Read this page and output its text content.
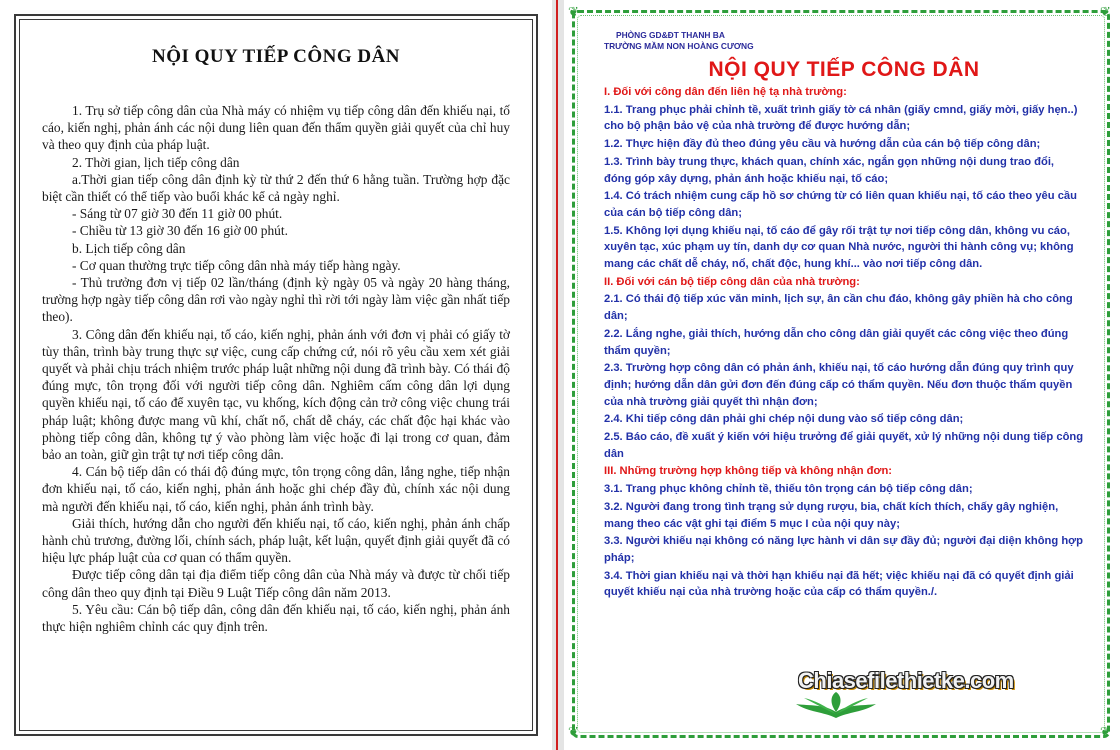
NỘI QUY TIẾP CÔNG DÂN

1. Trụ sở tiếp công dân của Nhà máy có nhiệm vụ tiếp công dân đến khiếu nại, tố cáo, kiến nghị, phản ánh các nội dung liên quan đến thẩm quyền giải quyết của chỉ huy và theo quy định của pháp luật.

2. Thời gian, lịch tiếp công dân

a.Thời gian tiếp công dân định kỳ từ thứ 2 đến thứ 6 hằng tuần. Trường hợp đặc biệt cần thiết có thể tiếp vào buổi khác kể cả ngày nghỉ.

- Sáng từ 07 giờ 30 đến 11 giờ 00 phút.

- Chiều từ 13 giờ 30 đến 16 giờ 00 phút.

b. Lịch tiếp công dân

- Cơ quan thường trực tiếp công dân nhà máy tiếp hàng ngày.

- Thủ trưởng đơn vị tiếp 02 lần/tháng (định kỳ ngày 05 và ngày 20 hàng tháng, trường hợp ngày tiếp công dân rơi vào ngày nghỉ thì rời tới ngày làm việc gần nhất tiếp theo).

3. Công dân đến khiếu nại, tố cáo, kiến nghị, phản ánh với đơn vị phải có giấy tờ tùy thân, trình bày trung thực sự việc, cung cấp chứng cứ, nói rõ yêu cầu xem xét giải quyết và phải chịu trách nhiệm trước pháp luật những nội dung đã trình bày. Có thái độ đúng mực, tôn trọng đối với người tiếp công dân. Nghiêm cấm công dân lợi dụng quyền khiếu nại, tố cáo để xuyên tạc, vu khống, kích động cản trở công việc chung trái pháp luật; không được mang vũ khí, chất nổ, chất dễ cháy, các chất độc hại khác vào phòng tiếp công dân, không tự ý vào phòng làm việc hoặc đi lại trong cơ quan, đảm bảo an toàn, giữ gìn trật tự nơi tiếp công dân.

4. Cán bộ tiếp dân có thái độ đúng mực, tôn trọng công dân, lắng nghe, tiếp nhận đơn khiếu nại, tố cáo, kiến nghị, phản ánh hoặc ghi chép đầy đủ, chính xác nội dung mà người đến khiếu nại, tố cáo, kiến nghị, phản ánh trình bày.

Giải thích, hướng dẫn cho người đến khiếu nại, tố cáo, kiến nghị, phản ánh chấp hành chủ trương, đường lối, chính sách, pháp luật, kết luận, quyết định giải quyết đã có hiệu lực pháp luật của cơ quan có thẩm quyền.

Được tiếp công dân tại địa điểm tiếp công dân của Nhà máy và được từ chối tiếp công dân theo quy định tại Điều 9 Luật Tiếp công dân năm 2013.

5. Yêu cầu: Cán bộ tiếp dân, công dân đến khiếu nại, tố cáo, kiến nghị, phản ánh thực hiện nghiêm chỉnh các quy định trên.

❦	❦
❦	❦
PHÒNG GD&ĐT THANH BA
TRƯỜNG MẦM NON HOÀNG CƯƠNG
NỘI QUY TIẾP CÔNG DÂN

I. Đối với công dân đến liên hệ tạ nhà trường:

1.1. Trang phục phải chỉnh tề, xuất trình giấy tờ cá nhân (giấy cmnd, giấy mời, giấy hẹn..) cho bộ phận bảo vệ của nhà trường để được hướng dẫn;

1.2. Thực hiện đầy đủ theo đúng yêu cầu và hướng dẫn của cán bộ tiếp công dân;

1.3. Trình bày trung thực, khách quan, chính xác, ngắn gọn những nội dung trao đổi, đóng góp xây dựng, phản ánh hoặc khiếu nại, tố cáo;

1.4. Có trách nhiệm cung cấp hồ sơ chứng từ có liên quan khiếu nại, tố cáo theo yêu cầu của cán bộ tiếp công dân;

1.5. Không lợi dụng khiếu nại, tố cáo để gây rối trật tự nơi tiếp công dân, không vu cáo, xuyên tạc, xúc phạm uy tín, danh dự cơ quan Nhà nước, người thi hành công vụ; không mang các chất dễ cháy, nổ, chất độc, hung khí... vào nơi tiếp công dân.

II. Đối với cán bộ tiếp công dân của nhà trường:

2.1. Có thái độ tiếp xúc văn minh, lịch sự, ân cần chu đáo, không gây phiền hà cho công dân;

2.2. Lắng nghe, giải thích, hướng dẫn cho công dân giải quyết các công việc theo đúng thẩm quyền;

2.3. Trường hợp công dân có phản ánh, khiếu nại, tố cáo hướng dẫn đúng quy trình quy định; hướng dẫn dân gửi đơn đến đúng cấp có thẩm quyền. Nếu đơn thuộc thẩm quyền của nhà trường giải quyết thì nhận đơn;

2.4. Khi tiếp công dân phải ghi chép nội dung vào sổ tiếp công dân;

2.5. Báo cáo, đề xuất ý kiến với hiệu trưởng để giải quyết, xử lý những nội dung tiếp công dân

III. Những trường hợp không tiếp và không nhận đơn:

3.1. Trang phục không chỉnh tề, thiếu tôn trọng cán bộ tiếp công dân;

3.2. Người đang trong tình trạng sử dụng rượu, bia, chất kích thích, chấy gây nghiện, mang theo các vật ghi tại điểm 5 mục I của nội quy này;

3.3. Người khiếu nại không có năng lực hành vi dân sự đầy đủ; người đại diện không hợp pháp;

3.4. Thời gian khiếu nại và thời hạn khiếu nại đã hết; việc khiếu nại đã có quyết định giải quyết khiếu nại của nhà trường hoặc của cấp có thẩm quyền./.

Chiasefilethietke.com
